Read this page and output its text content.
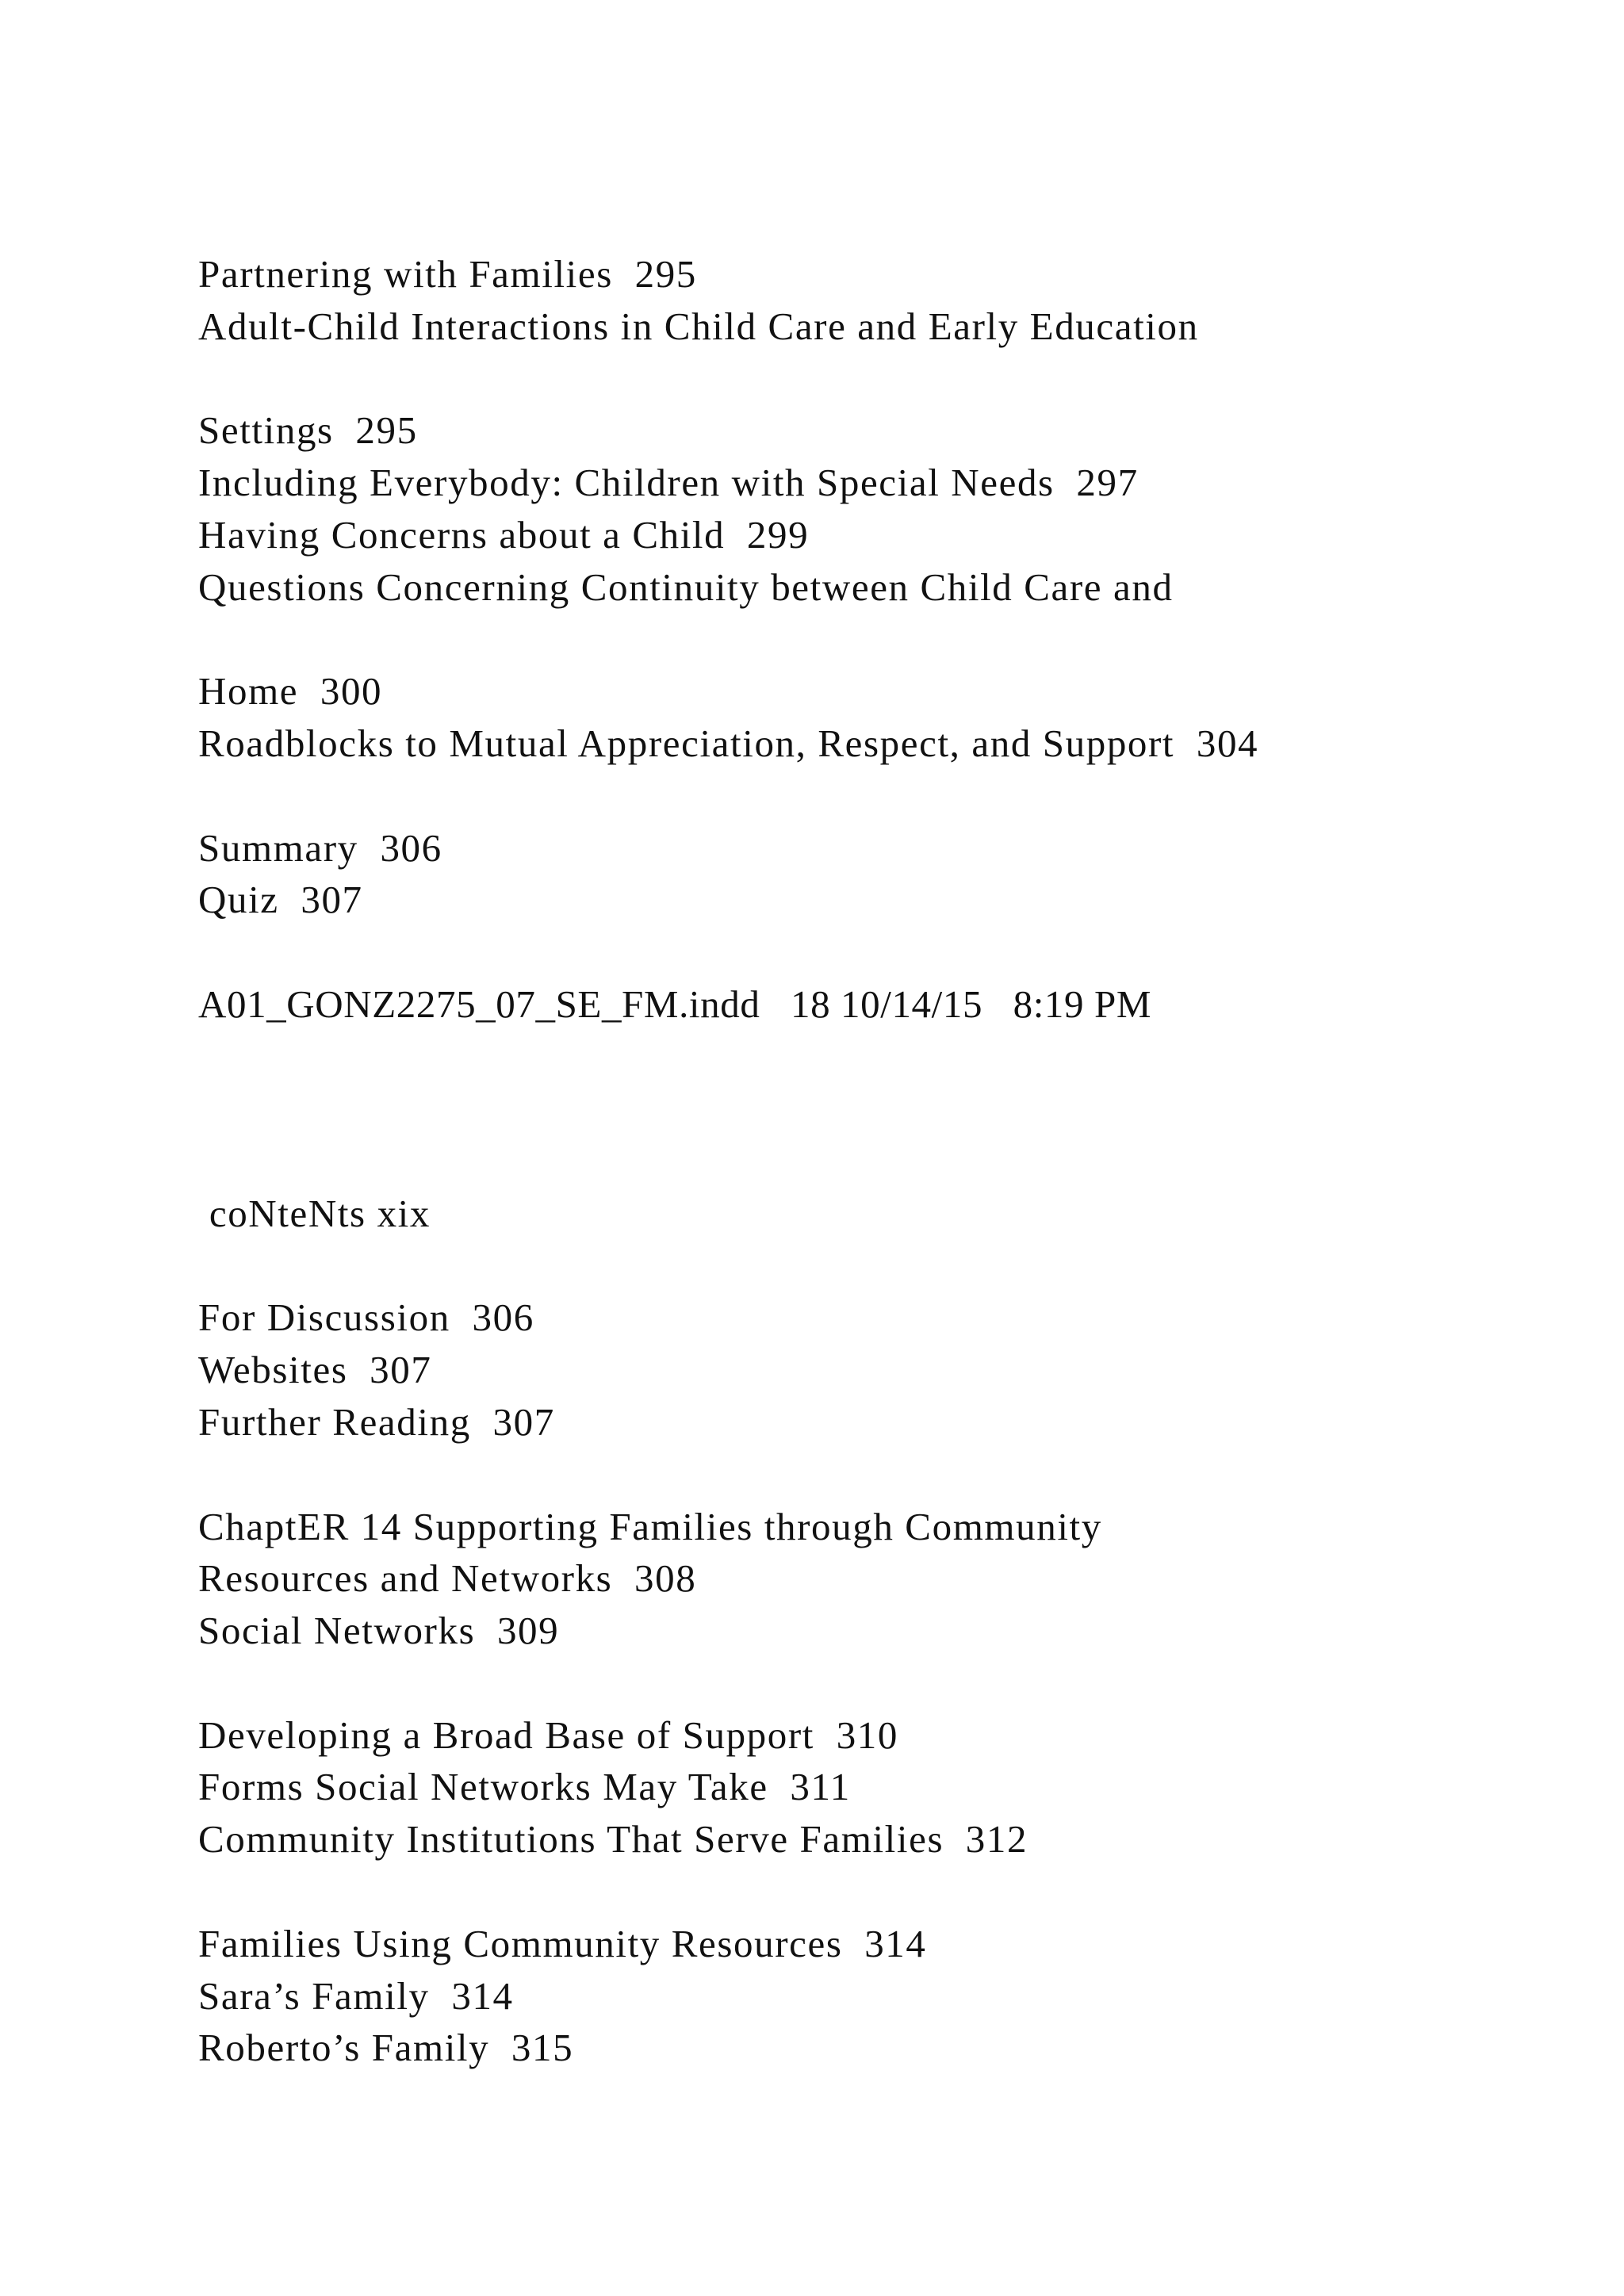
Partnering with Families  295

Adult-Child Interactions in Child Care and Early Education

Settings  295

Including Everybody: Children with Special Needs  297

Having Concerns about a Child  299

Questions Concerning Continuity between Child Care and

Home  300

Roadblocks to Mutual Appreciation, Respect, and Support  304

Summary  306

Quiz  307

A01_GONZ2275_07_SE_FM.indd   18 10/14/15   8:19 PM

coNteNts xix

For Discussion  306

Websites  307

Further Reading  307

ChaptER 14 Supporting Families through Community

Resources and Networks  308

Social Networks  309

Developing a Broad Base of Support  310

Forms Social Networks May Take  311

Community Institutions That Serve Families  312

Families Using Community Resources  314

Sara’s Family  314

Roberto’s Family  315
